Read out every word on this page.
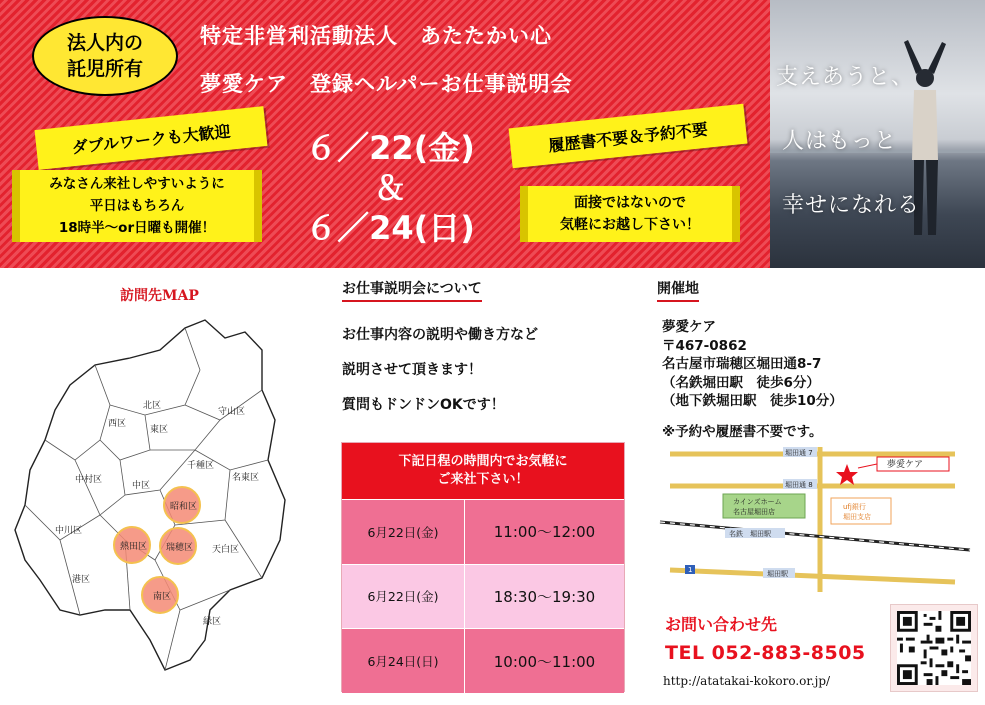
法人内の
託児所有
特定非営利活動法人　あたたかい心
夢愛ケア　登録ヘルパーお仕事説明会
ダブルワークも大歓迎	履歴書不要＆予約不要
みなさん来社しやすいように
平日はもちろん
18時半〜or日曜も開催！
面接ではないので
気軽にお越し下さい！
６／22(金)
＆
６／24(日)
支えあうと、
人はもっと
幸せになれる
訪問先MAP
北区
守山区
西区
東区
中村区
中区
千種区
名東区
昭和区
中川区
熱田区 瑞穂区 天白区
港区
南区
緑区
お仕事説明会について
お仕事内容の説明や働き方など
説明させて頂きます！
質問もドンドンOKです！
下記日程の時間内でお気軽に
ご来社下さい！
6月22日(金)	11:00〜12:00
6月22日(金)	18:30〜19:30
6月24日(日)	10:00〜11:00
開催地
夢愛ケア
〒467-0862
名古屋市瑞穂区堀田通8-7
（名鉄堀田駅　徒歩6分）
（地下鉄堀田駅　徒歩10分）
※予約や履歴書不要です。
堀田通 7
堀田通 8
夢愛ケア
カインズホーム
名古屋堀田店
ufj銀行
堀田支店
名鉄　堀田駅
堀田駅
1
お問い合わせ先
TEL 052-883-8505
http://atatakai-kokoro.or.jp/
